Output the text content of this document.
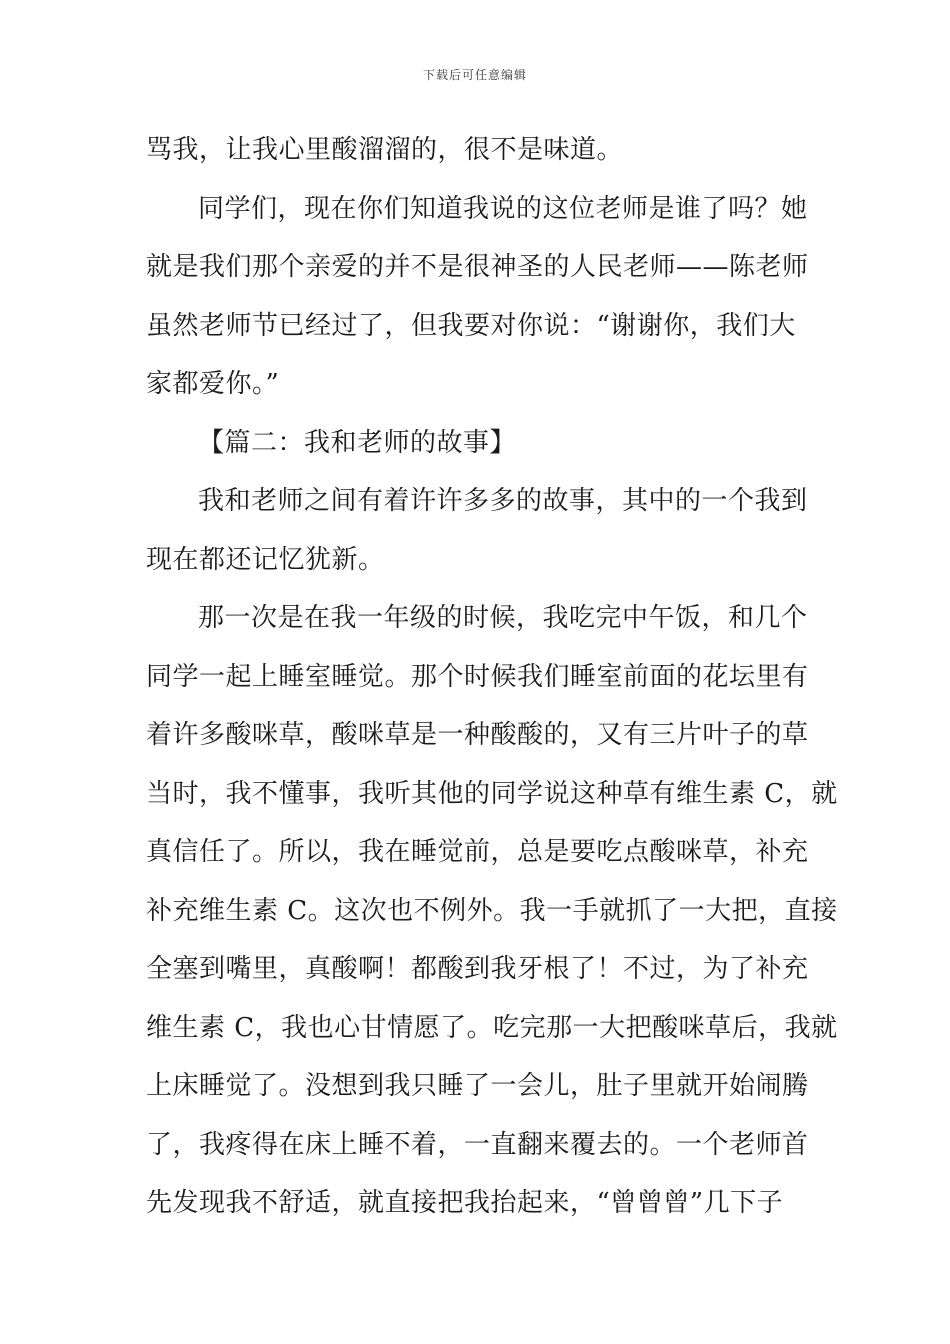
下载后可任意编辑
骂我，让我心里酸溜溜的，很不是味道。
同学们，现在你们知道我说的这位老师是谁了吗？她
就是我们那个亲爱的并不是很神圣的人民老师——陈老师
虽然老师节已经过了，但我要对你说：“谢谢你，我们大
家都爱你。”
【篇二：我和老师的故事】
我和老师之间有着许许多多的故事，其中的一个我到
现在都还记忆犹新。
那一次是在我一年级的时候，我吃完中午饭，和几个
同学一起上睡室睡觉。那个时候我们睡室前面的花坛里有
着许多酸咪草，酸咪草是一种酸酸的，又有三片叶子的草
当时，我不懂事，我听其他的同学说这种草有维生素 C，就
真信任了。所以，我在睡觉前，总是要吃点酸咪草，补充
补充维生素 C。这次也不例外。我一手就抓了一大把，直接
全塞到嘴里，真酸啊！都酸到我牙根了！不过，为了补充
维生素 C，我也心甘情愿了。吃完那一大把酸咪草后，我就
上床睡觉了。没想到我只睡了一会儿，肚子里就开始闹腾
了，我疼得在床上睡不着，一直翻来覆去的。一个老师首
先发现我不舒适，就直接把我抬起来，“曾曾曾”几下子
